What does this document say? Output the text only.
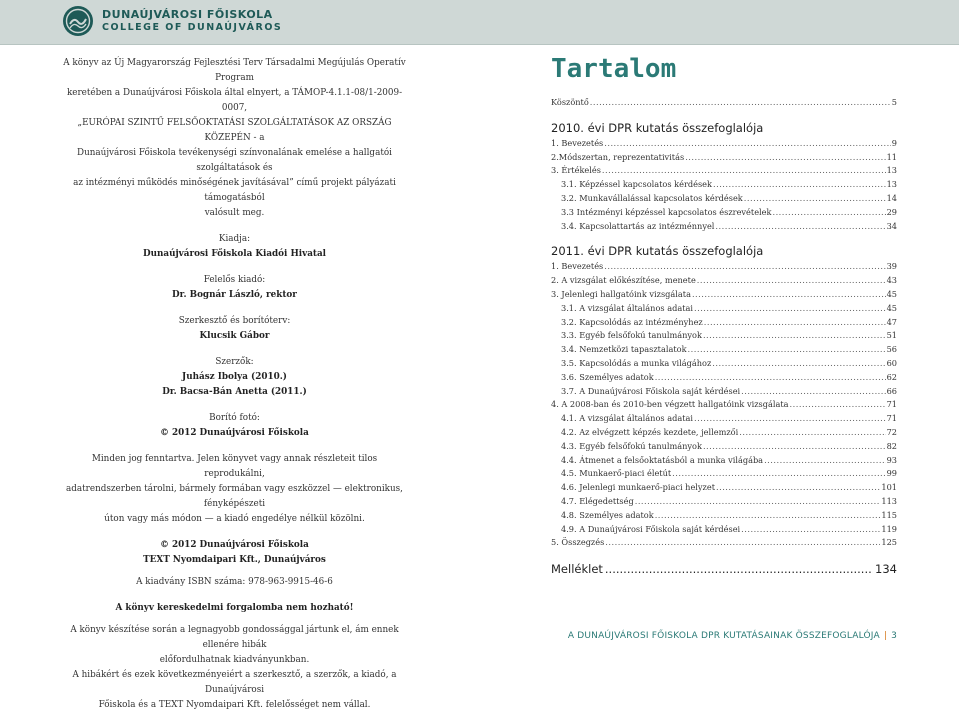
DUNAÚJVÁROSI FŐISKOLA
COLLEGE OF DUNAÚJVÁROS

A könyv az Új Magyarország Fejlesztési Terv Társadalmi Megújulás Operatív Program

keretében a Dunaújvárosi Főiskola által elnyert, a TÁMOP-4.1.1-08/1-2009-0007,

„EURÓPAI SZINTŰ FELSŐOKTATÁSI SZOLGÁLTATÁSOK AZ ORSZÁG KÖZEPÉN - a

Dunaújvárosi Főiskola tevékenységi színvonalának emelése a hallgatói szolgáltatások és

az intézményi működés minőségének javításával” című projekt pályázati támogatásból

valósult meg.

Kiadja:

Dunaújvárosi Főiskola Kiadói Hivatal

Felelős kiadó:

Dr. Bognár László, rektor

Szerkesztő és borítóterv:

Klucsik Gábor

Szerzők:

Juhász Ibolya (2010.)

Dr. Bacsa-Bán Anetta (2011.)

Borító fotó:

© 2012 Dunaújvárosi Főiskola

Minden jog fenntartva. Jelen könyvet vagy annak részleteit tilos reprodukálni,

adatrendszerben tárolni, bármely formában vagy eszközzel — elektronikus, fényképészeti

úton vagy más módon — a kiadó engedélye nélkül közölni.

© 2012 Dunaújvárosi Főiskola

TEXT Nyomdaipari Kft., Dunaújváros

A kiadvány ISBN száma: 978-963-9915-46-6

A könyv kereskedelmi forgalomba nem hozható!

A könyv készítése során a legnagyobb gondossággal jártunk el, ám ennek ellenére hibák

előfordulhatnak kiadványunkban.

A hibákért és ezek következményeiért a szerkesztő, a szerzők, a kiadó, a Dunaújvárosi

Főiskola és a TEXT Nyomdaipari Kft. felelősséget nem vállal.

Tartalom
Köszöntő .....	5
2010. évi DPR kutatás összefoglalója
1. Bevezetés .....	9
2.Módszertan, reprezentativitás .....	11
3. Értékelés .....	13
3.1. Képzéssel kapcsolatos kérdések .....	13
3.2. Munkavállalással kapcsolatos kérdések .....	14
3.3 Intézményi képzéssel kapcsolatos észrevételek .....	29
3.4. Kapcsolattartás az intézménnyel .....	34
2011. évi DPR kutatás összefoglalója
1. Bevezetés .....	39
2. A vizsgálat előkészítése, menete .....	43
3. Jelenlegi hallgatóink vizsgálata .....	45
3.1. A vizsgálat általános adatai .....	45
3.2. Kapcsolódás az intézményhez .....	47
3.3. Egyéb felsőfokú tanulmányok .....	51
3.4. Nemzetközi tapasztalatok .....	56
3.5. Kapcsolódás a munka világához .....	60
3.6. Személyes adatok .....	62
3.7. A Dunaújvárosi Főiskola saját kérdései .....	66
4. A 2008-ban és 2010-ben végzett hallgatóink vizsgálata .....	71
4.1. A vizsgálat általános adatai .....	71
4.2. Az elvégzett képzés kezdete, jellemzői .....	72
4.3. Egyéb felsőfokú tanulmányok .....	82
4.4. Átmenet a felsőoktatásból a munka világába .....	93
4.5. Munkaerő-piaci életút .....	99
4.6. Jelenlegi munkaerő-piaci helyzet .....	101
4.7. Elégedettség .....	113
4.8. Személyes adatok .....	115
4.9. A Dunaújvárosi Főiskola saját kérdései .....	119
5. Összegzés .....	125
Melléklet .....	134
A DUNAÚJVÁROSI FŐISKOLA DPR KUTATÁSAINAK ÖSSZEFOGLALÓJA | 3
